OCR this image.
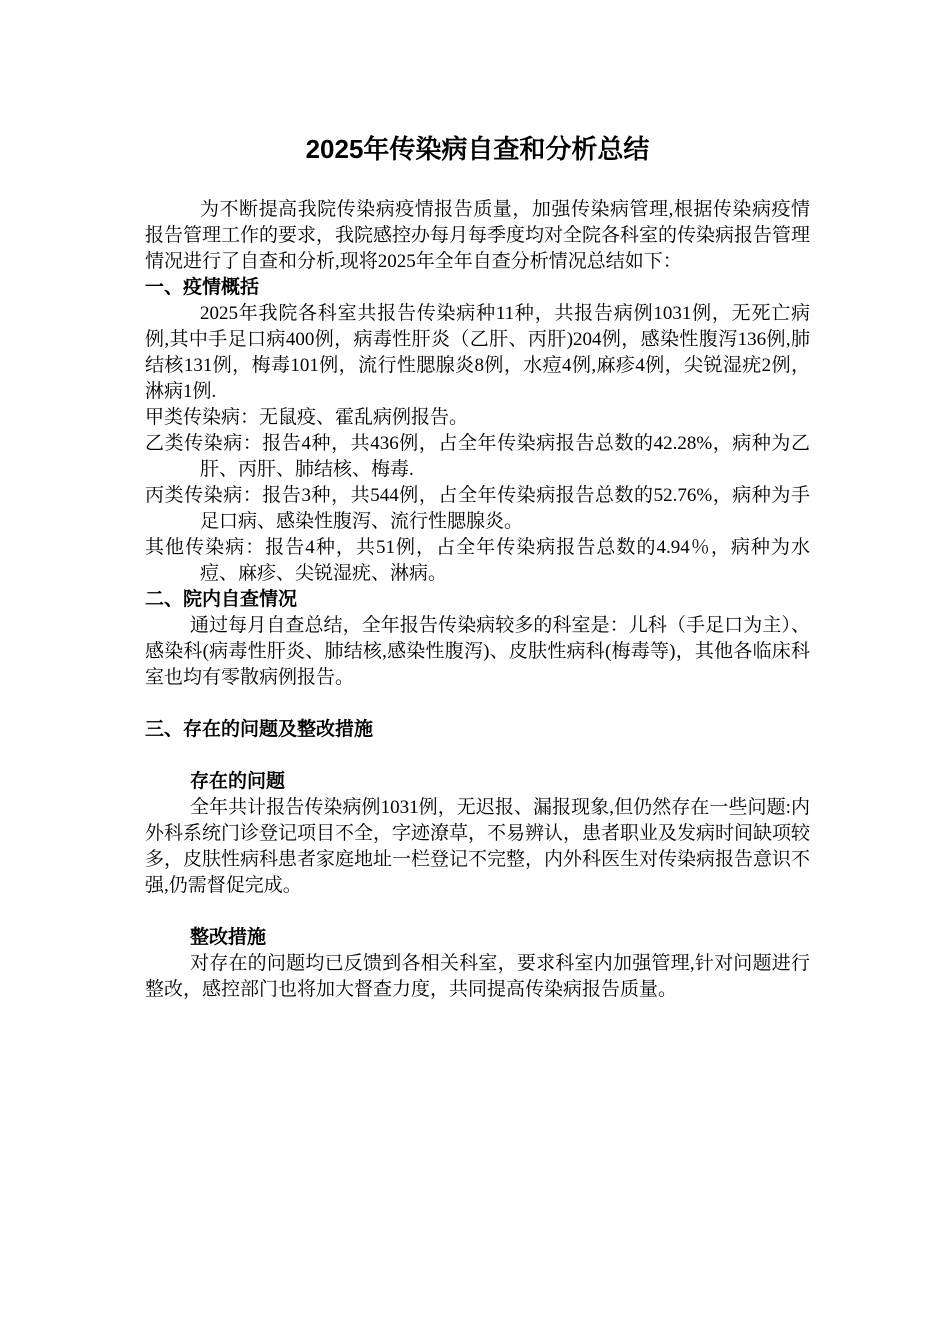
2025年传染病自查和分析总结

为不断提高我院传染病疫情报告质量，加强传染病管理,根据传染病疫情报告管理工作的要求，我院感控办每月每季度均对全院各科室的传染病报告管理情况进行了自查和分析,现将2025年全年自查分析情况总结如下：

一、疫情概括

2025年我院各科室共报告传染病种11种，共报告病例1031例，无死亡病例,其中手足口病400例，病毒性肝炎（乙肝、丙肝)204例，感染性腹泻136例,肺结核131例，梅毒101例，流行性腮腺炎8例，水痘4例,麻疹4例，尖锐湿疣2例，淋病1例.

甲类传染病：无鼠疫、霍乱病例报告。

乙类传染病：报告4种，共436例，占全年传染病报告总数的42.28%，病种为乙肝、丙肝、肺结核、梅毒.

丙类传染病：报告3种，共544例，占全年传染病报告总数的52.76%，病种为手足口病、感染性腹泻、流行性腮腺炎。

其他传染病：报告4种，共51例，占全年传染病报告总数的4.94％，病种为水痘、麻疹、尖锐湿疣、淋病。

二、院内自查情况

通过每月自查总结，全年报告传染病较多的科室是：儿科（手足口为主）、感染科(病毒性肝炎、肺结核,感染性腹泻)、皮肤性病科(梅毒等)，其他各临床科室也均有零散病例报告。

三、存在的问题及整改措施

存在的问题

全年共计报告传染病例1031例，无迟报、漏报现象,但仍然存在一些问题:内外科系统门诊登记项目不全，字迹潦草，不易辨认，患者职业及发病时间缺项较多，皮肤性病科患者家庭地址一栏登记不完整，内外科医生对传染病报告意识不强,仍需督促完成。

整改措施

对存在的问题均已反馈到各相关科室，要求科室内加强管理,针对问题进行整改，感控部门也将加大督查力度，共同提高传染病报告质量。
